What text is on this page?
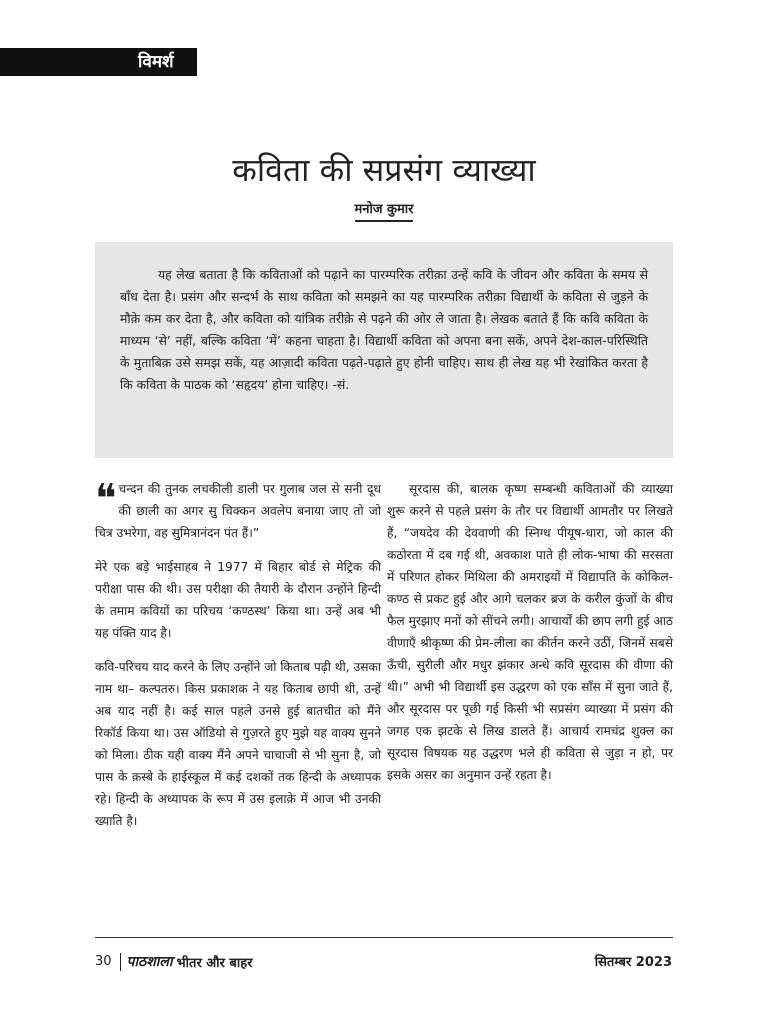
विमर्श
कविता की सप्रसंग व्याख्या
मनोज कुमार

यह लेख बताता है कि कविताओं को पढ़ाने का पारम्परिक तरीक़ा उन्हें कवि के जीवन और कविता के समय से बाँध देता है। प्रसंग और सन्दर्भ के साथ कविता को समझने का यह पारम्परिक तरीक़ा विद्यार्थी के कविता से जुड़ने के मौक़े कम कर देता है, और कविता को यांत्रिक तरीक़े से पढ़ने की ओर ले जाता है। लेखक बताते हैं कि कवि कविता के माध्यम ‘से’ नहीं, बल्कि कविता ‘में’ कहना चाहता है। विद्यार्थी कविता को अपना बना सकें, अपने देश-काल-परिस्थिति के मुताबिक़ उसे समझ सकें, यह आज़ादी कविता पढ़ते-पढ़ाते हुए होनी चाहिए। साथ ही लेख यह भी रेखांकित करता है कि कविता के पाठक को ‘सहृदय’ होना चाहिए। -सं.

❝ चन्दन की तुनक लचकीली डाली पर गुलाब जल से सनी दूध की छाली का अगर सु चिक्कन अवलेप बनाया जाए तो जो चित्र उभरेगा, वह सुमित्रानंदन पंत हैं।”

मेरे एक बड़े भाईसाहब ने 1977 में बिहार बोर्ड से मेट्रिक की परीक्षा पास की थी। उस परीक्षा की तैयारी के दौरान उन्होंने हिन्दी के तमाम कवियों का परिचय ‘कण्ठस्थ’ किया था। उन्हें अब भी यह पंक्ति याद है।

कवि-परिचय याद करने के लिए उन्होंने जो किताब पढ़ी थी, उसका नाम था– कल्पतरु। किस प्रकाशक ने यह किताब छापी थी, उन्हें अब याद नहीं है। कई साल पहले उनसे हुई बातचीत को मैंने रिकॉर्ड किया था। उस ऑडियो से गुज़रते हुए मुझे यह वाक्य सुनने को मिला। ठीक यही वाक्य मैंने अपने चाचाजी से भी सुना है, जो पास के क़स्बे के हाईस्कूल में कई दशकों तक हिन्दी के अध्यापक रहे। हिन्दी के अध्यापक के रूप में उस इलाक़े में आज भी उनकी ख्याति है।

सूरदास की, बालक कृष्ण सम्बन्धी कविताओं की व्याख्या शुरू करने से पहले प्रसंग के तौर पर विद्यार्थी आमतौर पर लिखते हैं, “जयदेव की देववाणी की स्निग्ध पीयूष-धारा, जो काल की कठोरता में दब गई थी, अवकाश पाते ही लोक-भाषा की सरसता में परिणत होकर मिथिला की अमराइयों में विद्यापति के कोकिल-कण्ठ से प्रकट हुई और आगे चलकर ब्रज के करील कुंजों के बीच फैल मुरझाए मनों को सींचने लगी। आचार्यों की छाप लगी हुई आठ वीणाएँ श्रीकृष्ण की प्रेम-लीला का कीर्तन करने उठीं, जिनमें सबसे ऊँची, सुरीली और मधुर झंकार अन्धे कवि सूरदास की वीणा की थी।” अभी भी विद्यार्थी इस उद्धरण को एक साँस में सुना जाते हैं, और सूरदास पर पूछी गई किसी भी सप्रसंग व्याख्या में प्रसंग की जगह एक झटके से लिख डालते हैं। आचार्य रामचंद्र शुक्ल का सूरदास विषयक यह उद्धरण भले ही कविता से जुड़ा न हो, पर इसके असर का अनुमान उन्हें रहता है।

30 पाठशाला भीतर और बाहर	सितम्बर 2023
